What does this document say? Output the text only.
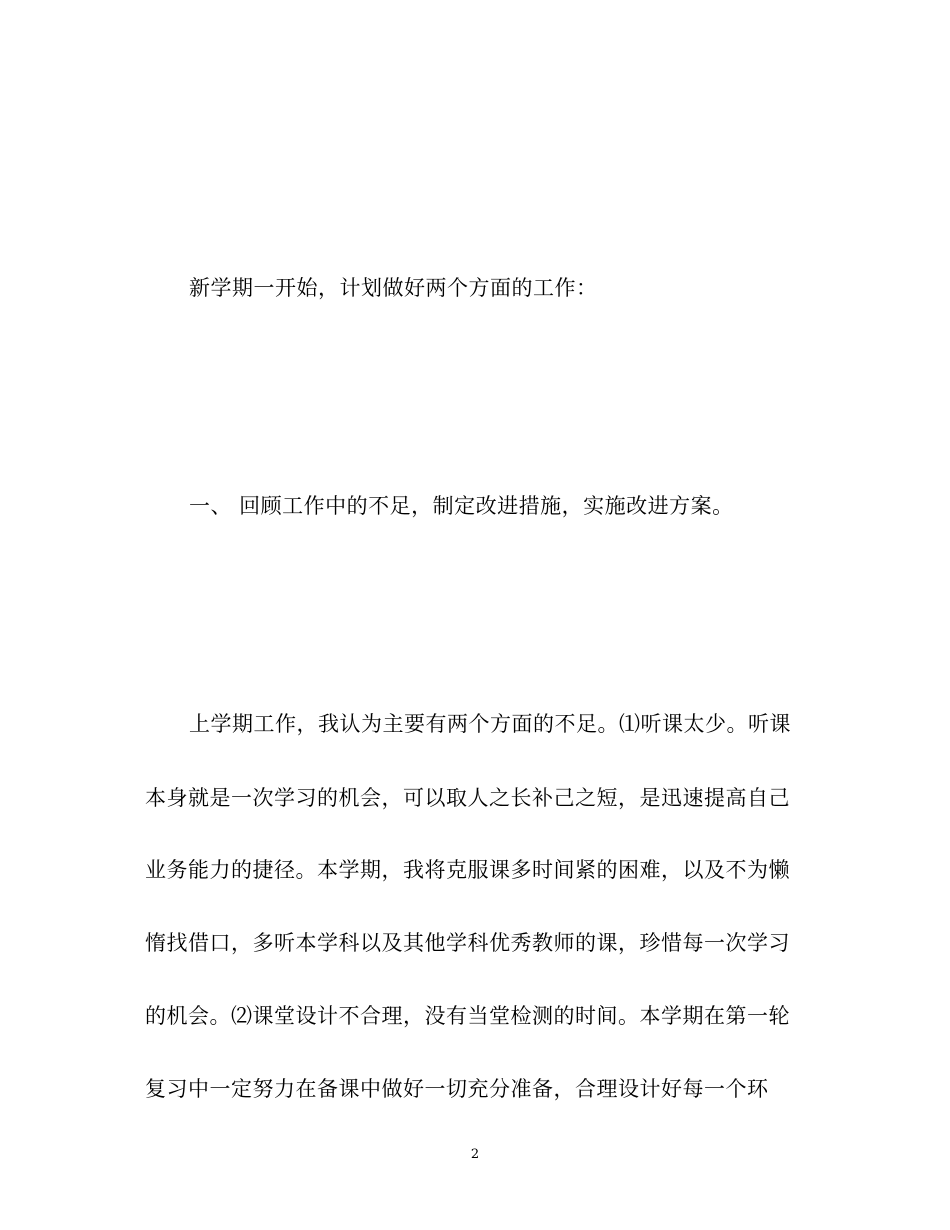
新学期一开始，计划做好两个方面的工作：
一、 回顾工作中的不足，制定改进措施，实施改进方案。
上学期工作，我认为主要有两个方面的不足。⑴听课太少。听课
本身就是一次学习的机会，可以取人之长补己之短，是迅速提高自己
业务能力的捷径。本学期，我将克服课多时间紧的困难，以及不为懒
惰找借口，多听本学科以及其他学科优秀教师的课，珍惜每一次学习
的机会。⑵课堂设计不合理，没有当堂检测的时间。本学期在第一轮
复习中一定努力在备课中做好一切充分准备，合理设计好每一个环
2
